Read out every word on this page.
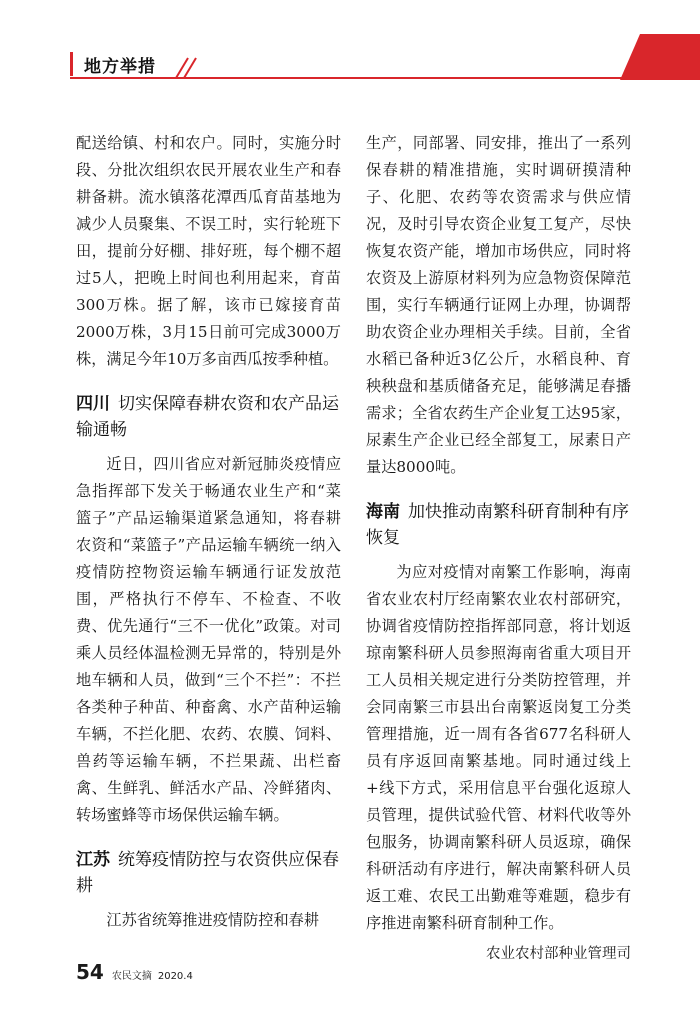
地方举措

配送给镇、村和农户。同时，实施分时段、分批次组织农民开展农业生产和春耕备耕。流水镇落花潭西瓜育苗基地为减少人员聚集、不误工时，实行轮班下田，提前分好棚、排好班，每个棚不超过5人，把晚上时间也利用起来，育苗300万株。据了解，该市已嫁接育苗2000万株，3月15日前可完成3000万株，满足今年10万多亩西瓜按季种植。

四川 切实保障春耕农资和农产品运输通畅

近日，四川省应对新冠肺炎疫情应急指挥部下发关于畅通农业生产和“菜篮子”产品运输渠道紧急通知，将春耕农资和“菜篮子”产品运输车辆统一纳入疫情防控物资运输车辆通行证发放范围，严格执行不停车、不检查、不收费、优先通行“三不一优化”政策。对司乘人员经体温检测无异常的，特别是外地车辆和人员，做到“三个不拦”：不拦各类种子种苗、种畜禽、水产苗种运输车辆，不拦化肥、农药、农膜、饲料、兽药等运输车辆，不拦果蔬、出栏畜禽、生鲜乳、鲜活水产品、冷鲜猪肉、转场蜜蜂等市场保供运输车辆。

江苏 统筹疫情防控与农资供应保春耕

江苏省统筹推进疫情防控和春耕

生产，同部署、同安排，推出了一系列保春耕的精准措施，实时调研摸清种子、化肥、农药等农资需求与供应情况，及时引导农资企业复工复产，尽快恢复农资产能，增加市场供应，同时将农资及上游原材料列为应急物资保障范围，实行车辆通行证网上办理，协调帮助农资企业办理相关手续。目前，全省水稻已备种近3亿公斤，水稻良种、育秧秧盘和基质储备充足，能够满足春播需求；全省农药生产企业复工达95家，尿素生产企业已经全部复工，尿素日产量达8000吨。

海南 加快推动南繁科研育制种有序恢复

为应对疫情对南繁工作影响，海南省农业农村厅经南繁农业农村部研究，协调省疫情防控指挥部同意，将计划返琼南繁科研人员参照海南省重大项目开工人员相关规定进行分类防控管理，并会同南繁三市县出台南繁返岗复工分类管理措施，近一周有各省677名科研人员有序返回南繁基地。同时通过线上+线下方式，采用信息平台强化返琼人员管理，提供试验代管、材料代收等外包服务，协调南繁科研人员返琼，确保科研活动有序进行，解决南繁科研人员返工难、农民工出勤难等难题，稳步有序推进南繁科研育制种工作。

农业农村部种业管理司
54 农民文摘 2020.4
